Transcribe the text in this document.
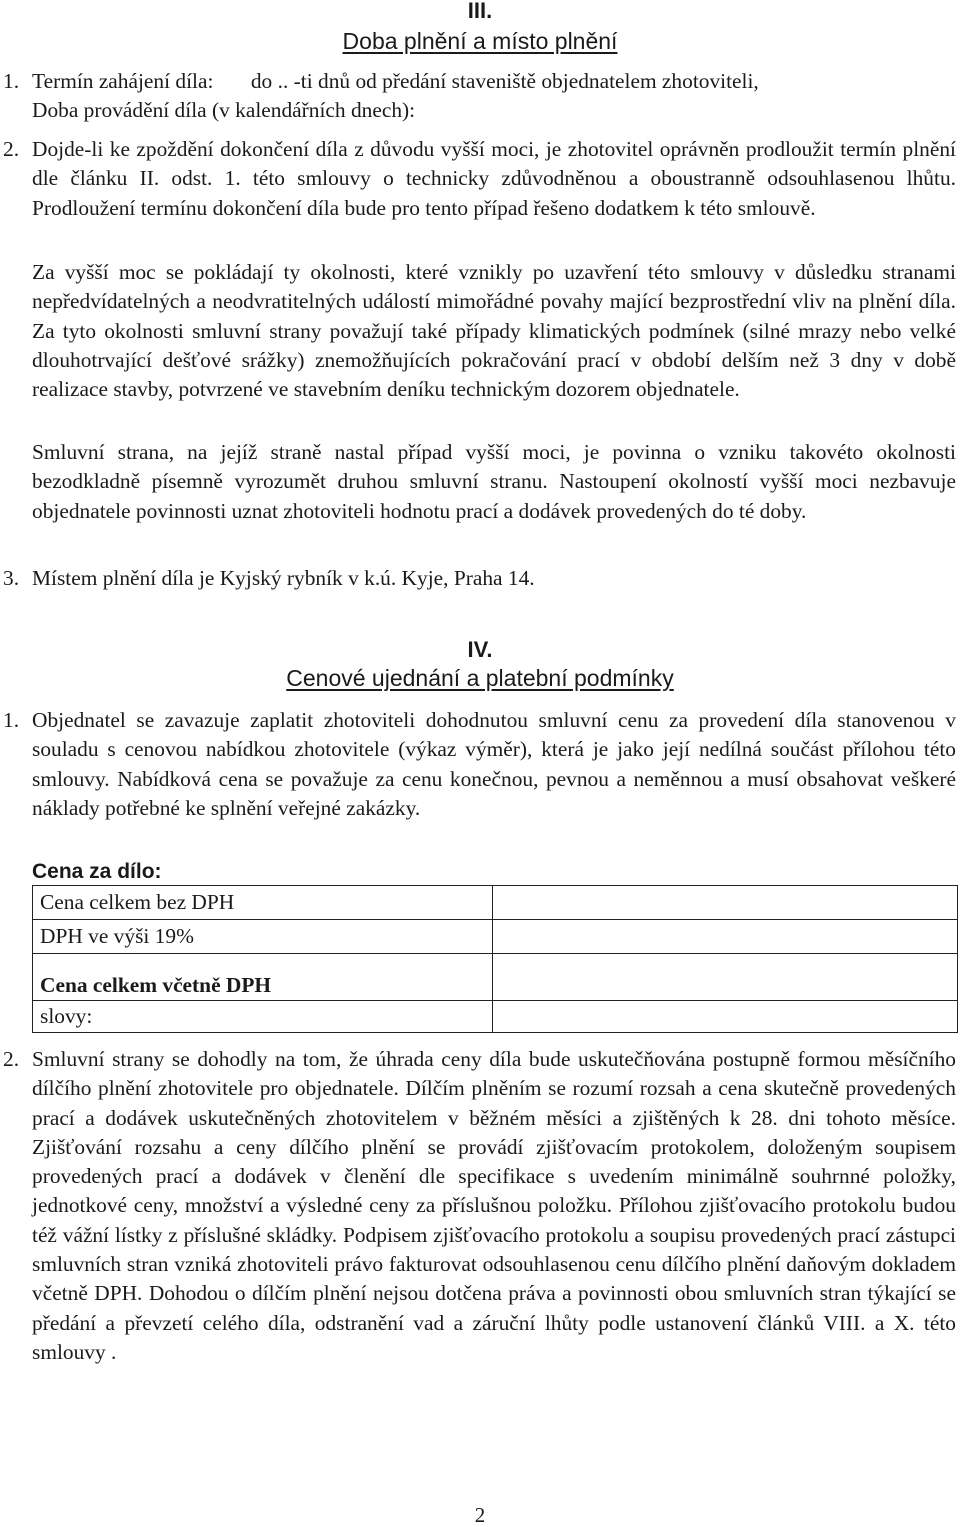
III.
Doba plnění a místo plnění
1. Termín zahájení díla:       do .. -ti dnů od předání staveniště objednatelem zhotoviteli,
Doba provádění díla (v kalendářních dnech):
2. Dojde-li ke zpoždění dokončení díla z důvodu vyšší moci, je zhotovitel oprávněn prodloužit termín plnění dle článku II. odst. 1. této smlouvy o technicky zdůvodněnou a oboustranně odsouhlasenou lhůtu. Prodloužení termínu dokončení díla bude pro tento případ řešeno dodatkem k této smlouvě.

Za vyšší moc se pokládají ty okolnosti, které vznikly po uzavření této smlouvy v důsledku stranami nepředvídatelných a neodvratitelných událostí mimořádné povahy mající bezprostřední vliv na plnění díla. Za tyto okolnosti smluvní strany považují také případy klimatických podmínek (silné mrazy nebo velké dlouhotrvající dešťové srážky) znemožňujících pokračování prací v období delším než 3 dny v době realizace stavby, potvrzené ve stavebním deníku technickým dozorem objednatele.

Smluvní strana, na jejíž straně nastal případ vyšší moci, je povinna o vzniku takovéto okolnosti bezodkladně písemně vyrozumět druhou smluvní stranu. Nastoupení okolností vyšší moci nezbavuje objednatele povinnosti uznat zhotoviteli hodnotu prací a dodávek provedených do té doby.

3. Místem plnění díla je Kyjský rybník v k.ú. Kyje, Praha 14.
IV.
Cenové ujednání a platební podmínky
1. Objednatel se zavazuje zaplatit zhotoviteli dohodnutou smluvní cenu za provedení díla stanovenou v souladu s cenovou nabídkou zhotovitele (výkaz výměr), která je jako její nedílná součást přílohou této smlouvy. Nabídková cena se považuje za cenu konečnou, pevnou a neměnnou a musí obsahovat veškeré náklady potřebné ke splnění veřejné zakázky.

Cena za dílo:
Cena celkem bez DPH	
DPH ve výši 19%	
Cena celkem včetně DPH	
slovy:	
2. Smluvní strany se dohodly na tom, že úhrada ceny díla bude uskutečňována postupně formou měsíčního dílčího plnění zhotovitele pro objednatele. Dílčím plněním se rozumí rozsah a cena skutečně provedených prací a dodávek uskutečněných zhotovitelem v běžném měsíci a zjištěných k 28. dni tohoto měsíce. Zjišťování rozsahu a ceny dílčího plnění se provádí zjišťovacím protokolem, doloženým soupisem provedených prací a dodávek v členění dle specifikace s uvedením minimálně souhrnné položky, jednotkové ceny, množství a výsledné ceny za příslušnou položku. Přílohou zjišťovacího protokolu budou též vážní lístky z příslušné skládky. Podpisem zjišťovacího protokolu a soupisu provedených prací zástupci smluvních stran vzniká zhotoviteli právo fakturovat odsouhlasenou cenu dílčího plnění daňovým dokladem včetně DPH. Dohodou o dílčím plnění nejsou dotčena práva a povinnosti obou smluvních stran týkající se předání a převzetí celého díla, odstranění vad a záruční lhůty podle ustanovení článků VIII. a X. této smlouvy .

2
